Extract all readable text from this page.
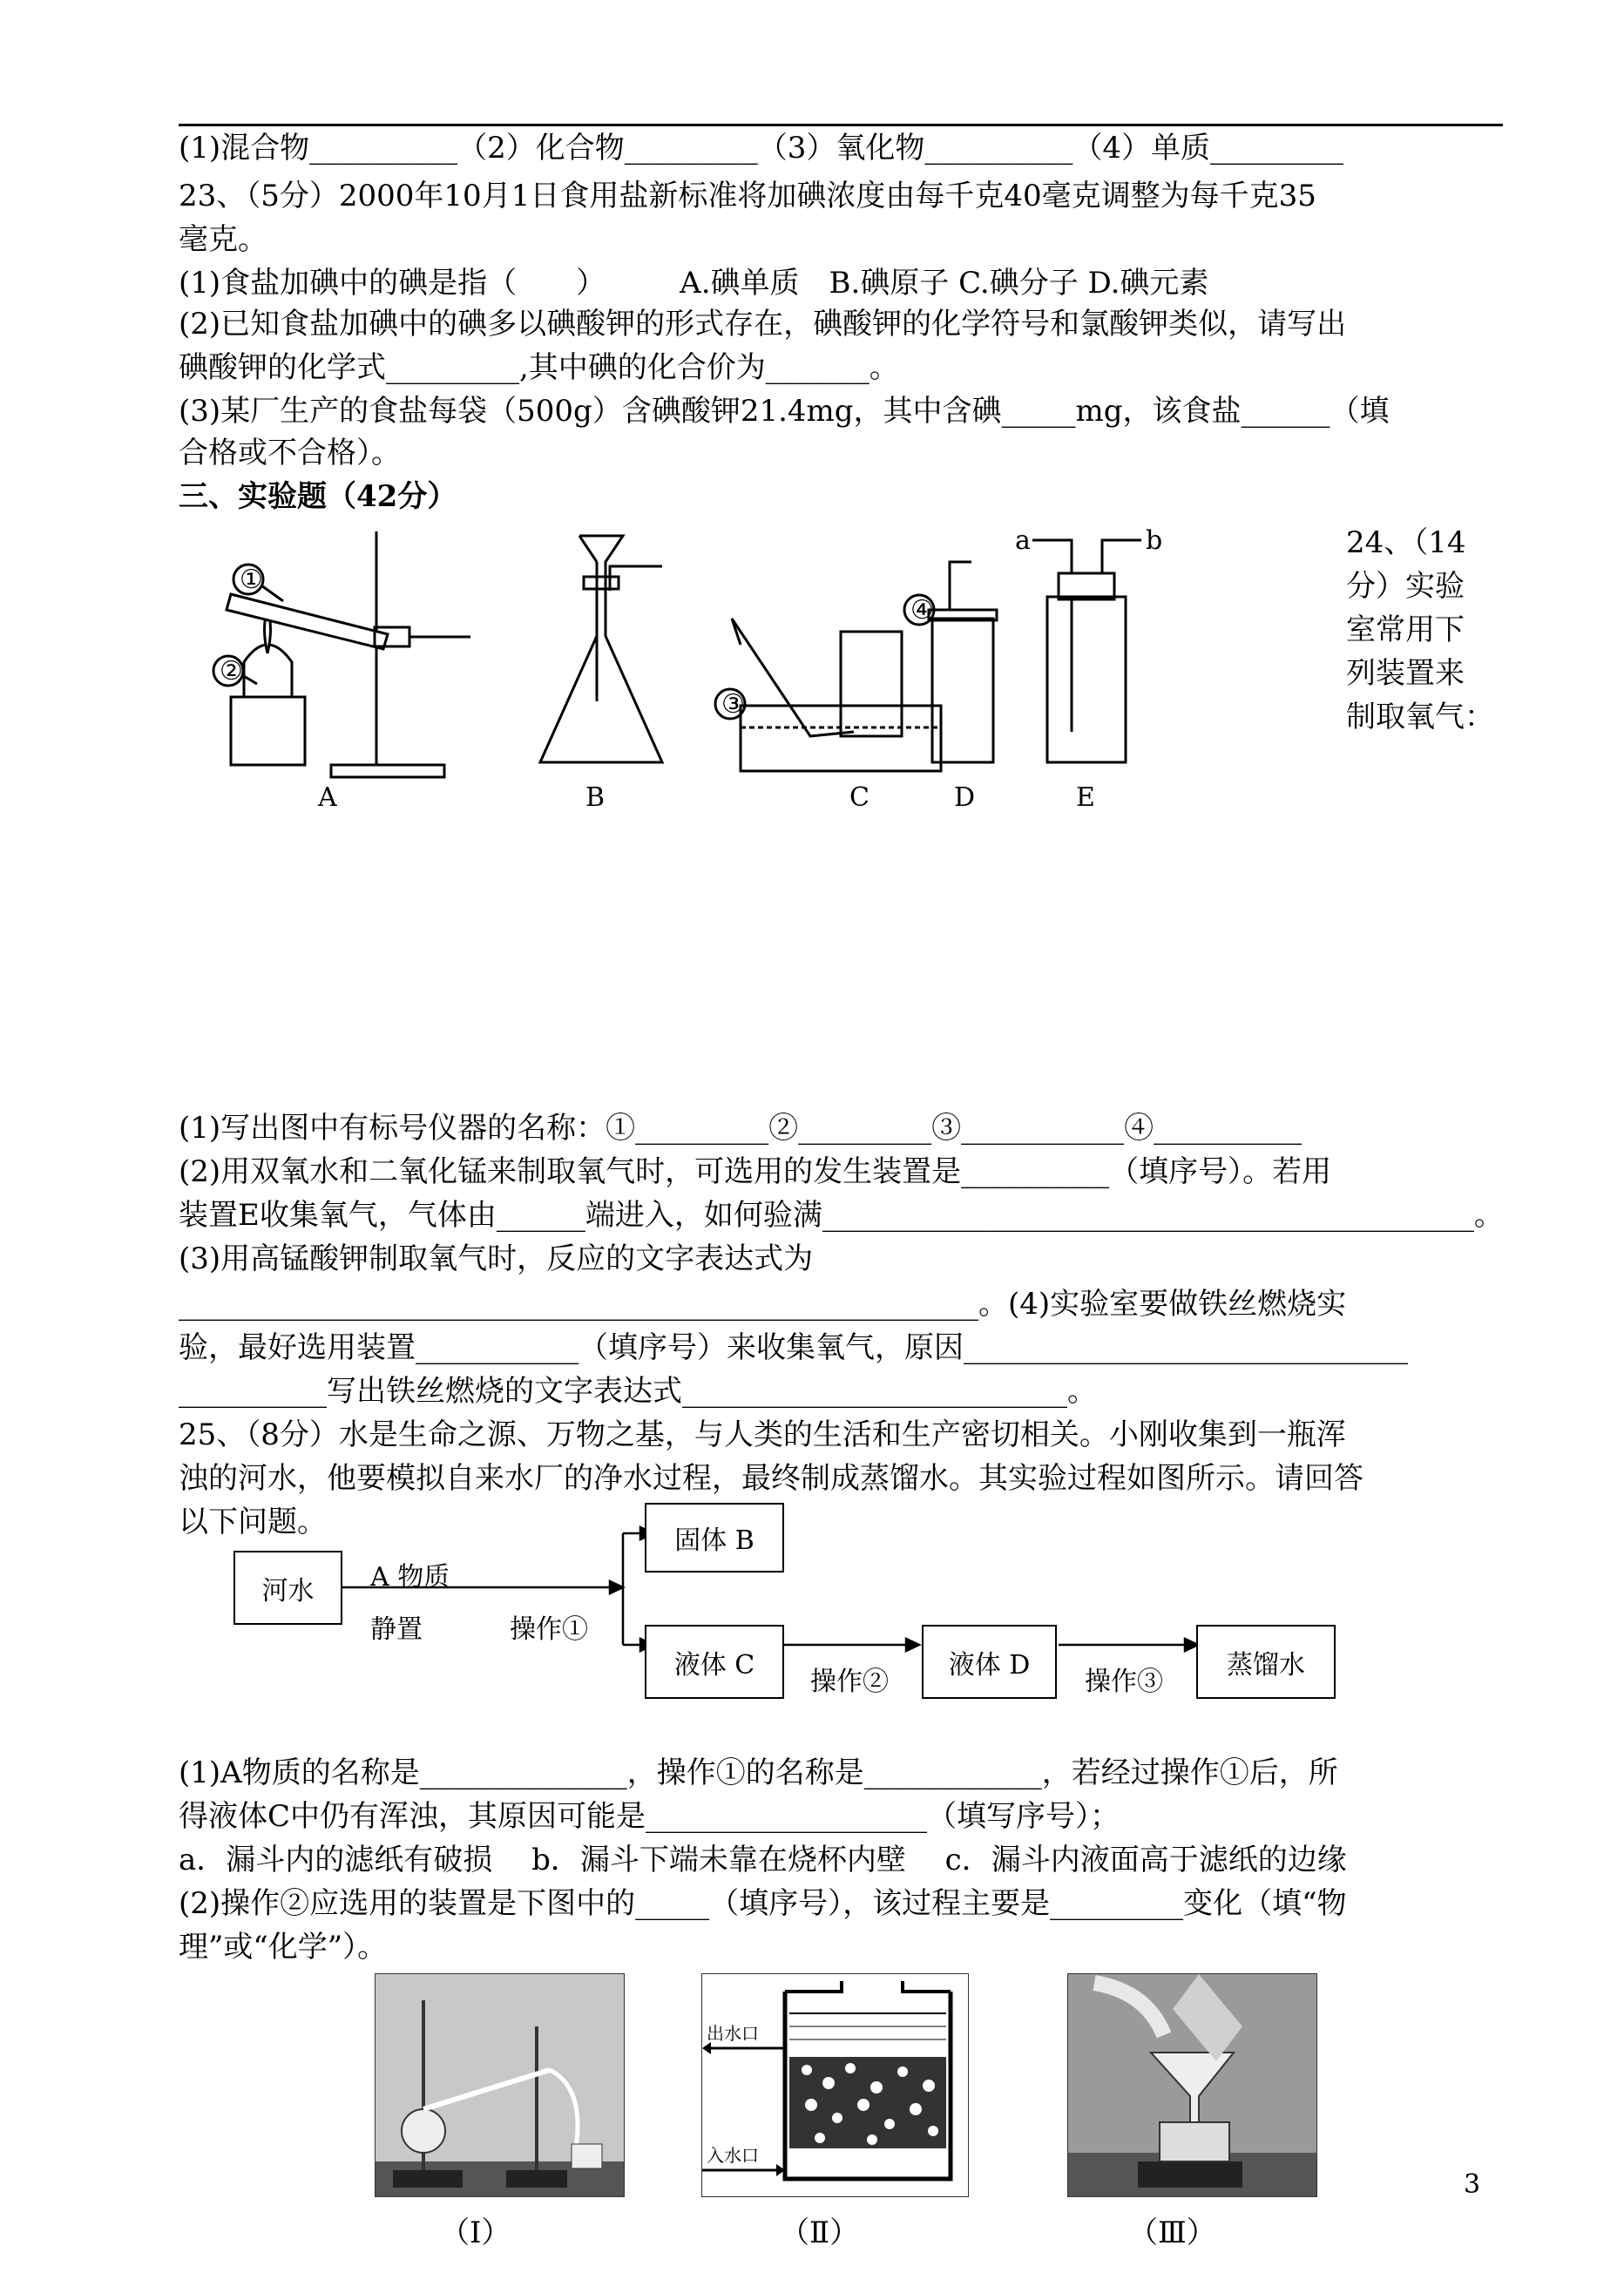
(1)混合物__________（2）化合物_________（3）氧化物__________（4）单质_________
23、（5分）2000年10月1日食用盐新标准将加碘浓度由每千克40毫克调整为每千克35
毫克。
(1)食盐加碘中的碘是指（　　）　　　A.碘单质　B.碘原子 C.碘分子 D.碘元素
(2)已知食盐加碘中的碘多以碘酸钾的形式存在，碘酸钾的化学符号和氯酸钾类似，请写出
碘酸钾的化学式_________,其中碘的化合价为_______。
(3)某厂生产的食盐每袋（500g）含碘酸钾21.4mg，其中含碘_____mg，该食盐______（填
合格或不合格）。
三、实验题（42分）
24、（14
分）实验
室常用下
列装置来
制取氧气：
①
②
③
④
a	b
A	B	C	D	E
(1)写出图中有标号仪器的名称：①_________②_________③___________④__________
(2)用双氧水和二氧化锰来制取氧气时，可选用的发生装置是__________（填序号）。若用
装置E收集氧气，气体由______端进入，如何验满____________________________________________。
(3)用高锰酸钾制取氧气时，反应的文字表达式为
______________________________________________________。(4)实验室要做铁丝燃烧实
验，最好选用装置___________（填序号）来收集氧气，原因______________________________
__________写出铁丝燃烧的文字表达式__________________________。
25、（8分）水是生命之源、万物之基，与人类的生活和生产密切相关。小刚收集到一瓶浑
浊的河水，他要模拟自来水厂的净水过程，最终制成蒸馏水。其实验过程如图所示。请回答
以下问题。
河水	A 物质
静置	操作①
固体 B
液体 C
操作②
液体 D
操作③
蒸馏水
(1)A物质的名称是______________，操作①的名称是____________，若经过操作①后，所
得液体C中仍有浑浊，其原因可能是___________________（填写序号）；
a．漏斗内的滤纸有破损　 b．漏斗下端未靠在烧杯内壁　 c．漏斗内液面高于滤纸的边缘
(2)操作②应选用的装置是下图中的_____（填序号），该过程主要是_________变化（填“物
理”或“化学”）。
出水口
入水口
（Ⅰ）	（Ⅱ）	（Ⅲ）
3
